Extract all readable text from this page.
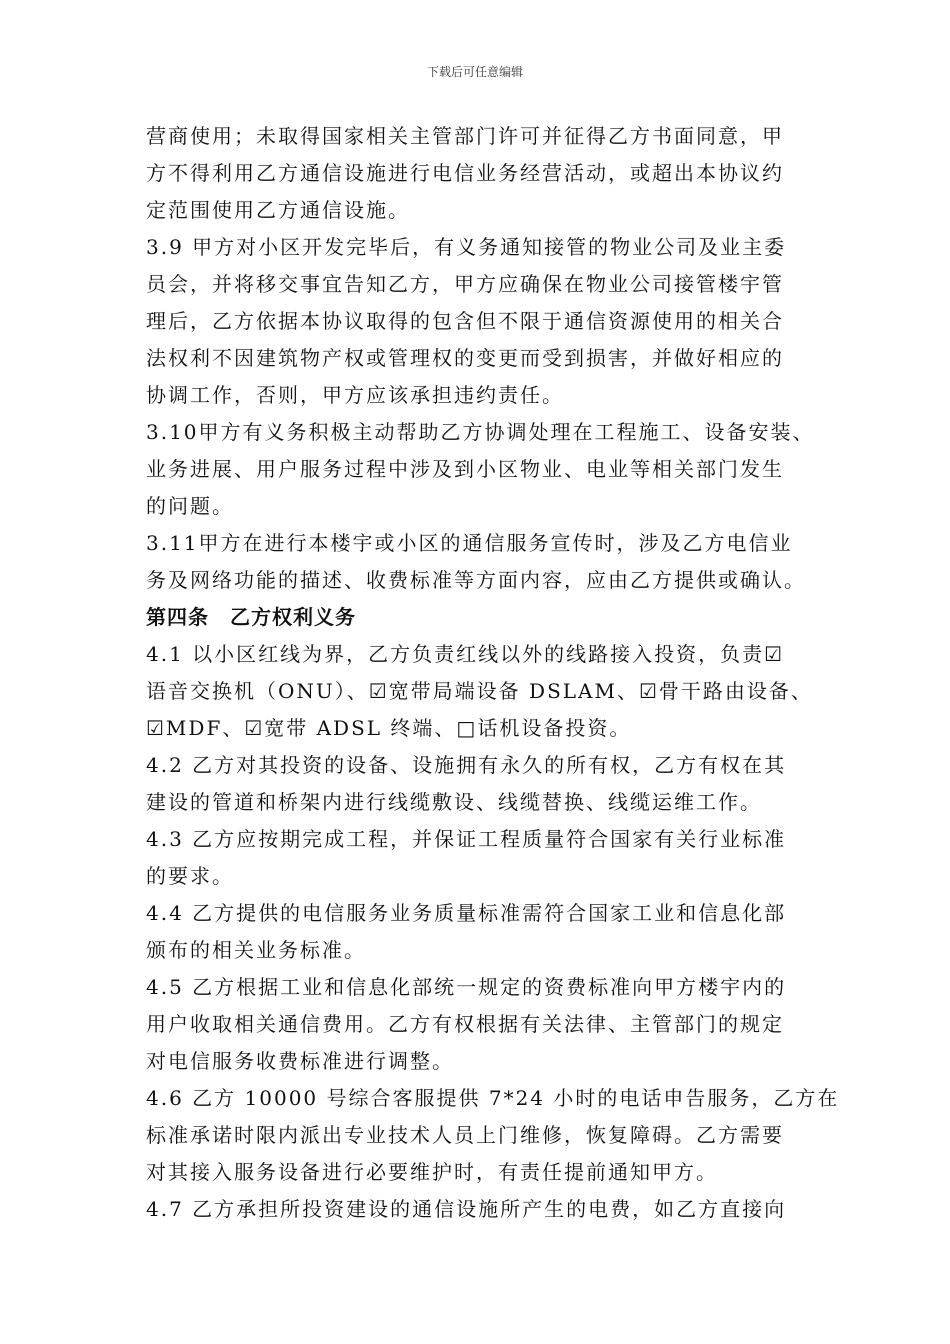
下载后可任意编辑
营商使用；未取得国家相关主管部门许可并征得乙方书面同意，甲
方不得利用乙方通信设施进行电信业务经营活动，或超出本协议约
定范围使用乙方通信设施。
3.9 甲方对小区开发完毕后，有义务通知接管的物业公司及业主委
员会，并将移交事宜告知乙方，甲方应确保在物业公司接管楼宇管
理后，乙方依据本协议取得的包含但不限于通信资源使用的相关合
法权利不因建筑物产权或管理权的变更而受到损害，并做好相应的
协调工作，否则，甲方应该承担违约责任。
3.10甲方有义务积极主动帮助乙方协调处理在工程施工、设备安装、
业务进展、用户服务过程中涉及到小区物业、电业等相关部门发生
的问题。
3.11甲方在进行本楼宇或小区的通信服务宣传时，涉及乙方电信业
务及网络功能的描述、收费标准等方面内容，应由乙方提供或确认。
第四条　乙方权利义务
4.1 以小区红线为界，乙方负责红线以外的线路接入投资，负责☑
语音交换机（ONU）、☑宽带局端设备 DSLAM、☑骨干路由设备、
☑MDF、☑宽带 ADSL 终端、□话机设备投资。
4.2 乙方对其投资的设备、设施拥有永久的所有权，乙方有权在其
建设的管道和桥架内进行线缆敷设、线缆替换、线缆运维工作。
4.3 乙方应按期完成工程，并保证工程质量符合国家有关行业标准
的要求。
4.4 乙方提供的电信服务业务质量标准需符合国家工业和信息化部
颁布的相关业务标准。
4.5 乙方根据工业和信息化部统一规定的资费标准向甲方楼宇内的
用户收取相关通信费用。乙方有权根据有关法律、主管部门的规定
对电信服务收费标准进行调整。
4.6 乙方 10000 号综合客服提供 7*24 小时的电话申告服务，乙方在
标准承诺时限内派出专业技术人员上门维修，恢复障碍。乙方需要
对其接入服务设备进行必要维护时，有责任提前通知甲方。
4.7 乙方承担所投资建设的通信设施所产生的电费，如乙方直接向
